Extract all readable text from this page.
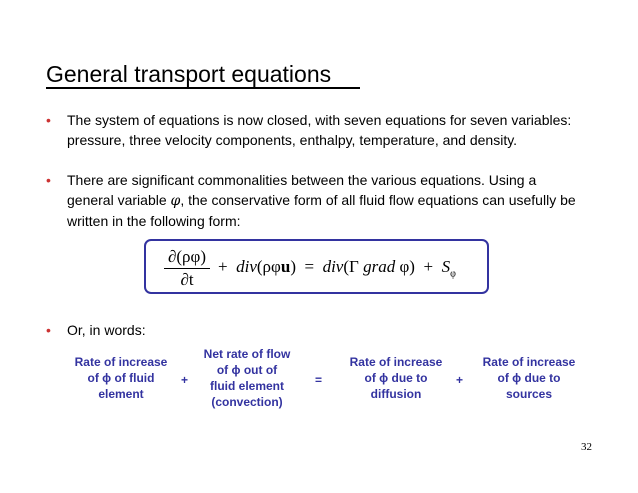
General transport equations
• The system of equations is now closed, with seven equations for seven variables: pressure, three velocity components, enthalpy, temperature, and density.
• There are significant commonalities between the various equations. Using a general variable φ, the conservative form of all fluid flow equations can usefully be written in the following form:
∂(ρφ)
∂t
+ div(ρφu) = div(Γ grad $\varphi) + S_\varphi$
• Or, in words:
Rate of increase
of ϕ of fluid
element
+
Net rate of flow
of ϕ out of
fluid element
(convection)
=
Rate of increase
of ϕ due to
diffusion
+
Rate of increase
of ϕ due to
sources
32
